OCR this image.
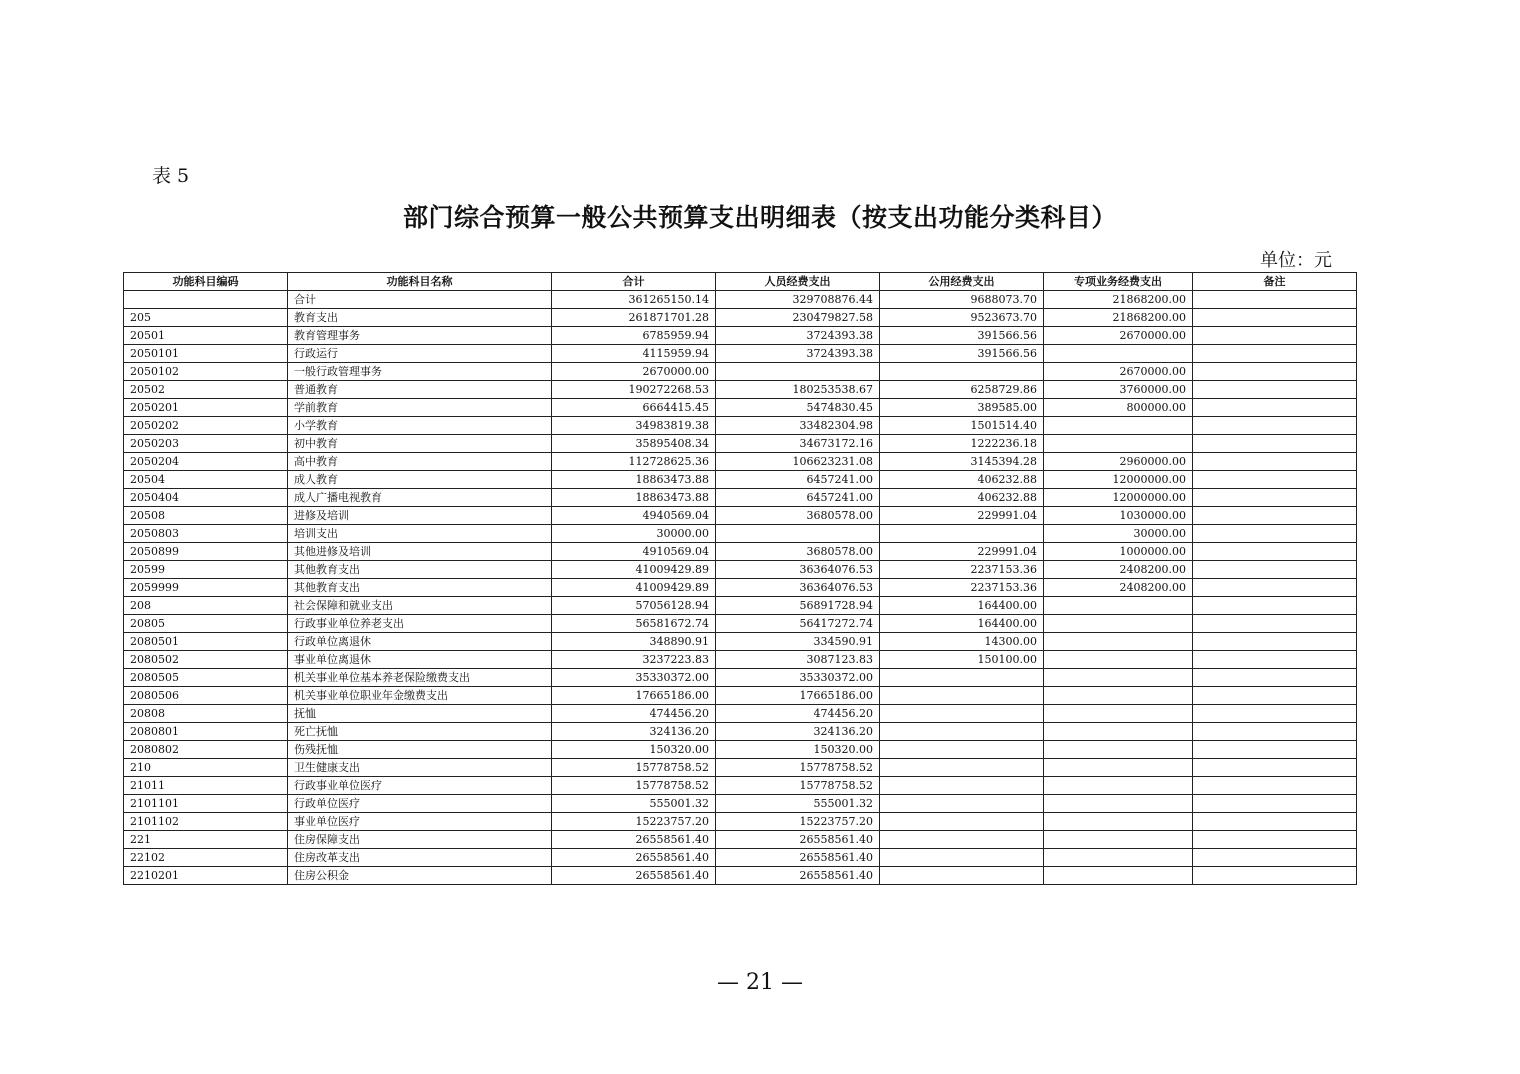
表 5
部门综合预算一般公共预算支出明细表（按支出功能分类科目）
单位：元
功能科目编码	功能科目名称	合计	人员经费支出	公用经费支出	专项业务经费支出	备注
	合计	361265150.14	329708876.44	9688073.70	21868200.00	
205	教育支出	261871701.28	230479827.58	9523673.70	21868200.00	
20501	教育管理事务	6785959.94	3724393.38	391566.56	2670000.00	
2050101	行政运行	4115959.94	3724393.38	391566.56		
2050102	一般行政管理事务	2670000.00			2670000.00	
20502	普通教育	190272268.53	180253538.67	6258729.86	3760000.00	
2050201	学前教育	6664415.45	5474830.45	389585.00	800000.00	
2050202	小学教育	34983819.38	33482304.98	1501514.40		
2050203	初中教育	35895408.34	34673172.16	1222236.18		
2050204	高中教育	112728625.36	106623231.08	3145394.28	2960000.00	
20504	成人教育	18863473.88	6457241.00	406232.88	12000000.00	
2050404	成人广播电视教育	18863473.88	6457241.00	406232.88	12000000.00	
20508	进修及培训	4940569.04	3680578.00	229991.04	1030000.00	
2050803	培训支出	30000.00			30000.00	
2050899	其他进修及培训	4910569.04	3680578.00	229991.04	1000000.00	
20599	其他教育支出	41009429.89	36364076.53	2237153.36	2408200.00	
2059999	其他教育支出	41009429.89	36364076.53	2237153.36	2408200.00	
208	社会保障和就业支出	57056128.94	56891728.94	164400.00		
20805	行政事业单位养老支出	56581672.74	56417272.74	164400.00		
2080501	行政单位离退休	348890.91	334590.91	14300.00		
2080502	事业单位离退休	3237223.83	3087123.83	150100.00		
2080505	机关事业单位基本养老保险缴费支出	35330372.00	35330372.00			
2080506	机关事业单位职业年金缴费支出	17665186.00	17665186.00			
20808	抚恤	474456.20	474456.20			
2080801	死亡抚恤	324136.20	324136.20			
2080802	伤残抚恤	150320.00	150320.00			
210	卫生健康支出	15778758.52	15778758.52			
21011	行政事业单位医疗	15778758.52	15778758.52			
2101101	行政单位医疗	555001.32	555001.32			
2101102	事业单位医疗	15223757.20	15223757.20			
221	住房保障支出	26558561.40	26558561.40			
22102	住房改革支出	26558561.40	26558561.40			
2210201	住房公积金	26558561.40	26558561.40			
— 21 —
